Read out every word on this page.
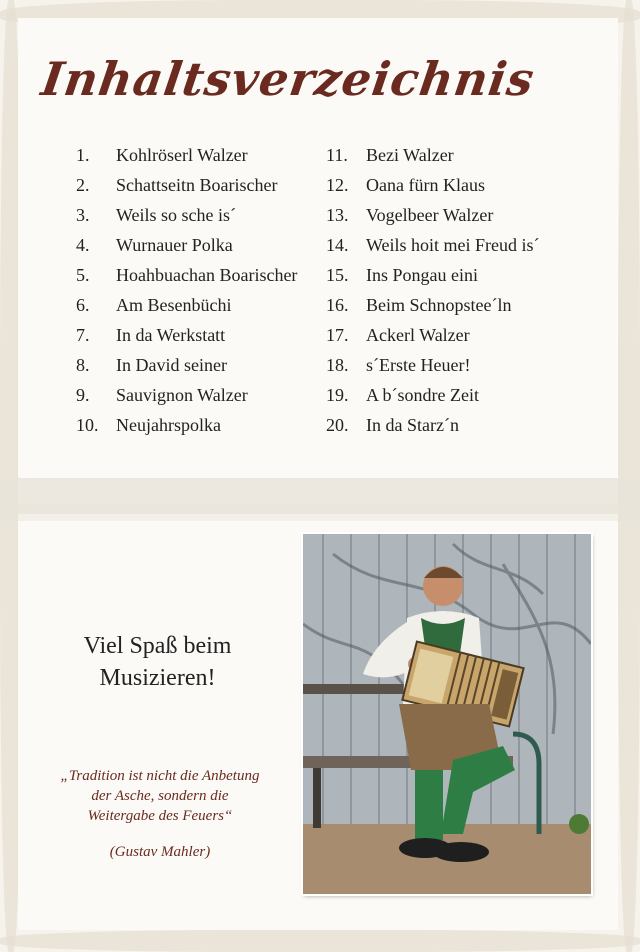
Inhaltsverzeichnis
1.	Kohlröserl Walzer
2.	Schattseitn Boarischer
3.	Weils so sche is´
4.	Wurnauer Polka
5.	Hoahbuachan Boarischer
6.	Am Besenbüchi
7.	In da Werkstatt
8.	In David seiner
9.	Sauvignon Walzer
10. Neujahrspolka
11.	Bezi Walzer
12. Oana fürn Klaus
13. Vogelbeer Walzer
14. Weils hoit mei Freud is´
15. Ins Pongau eini
16. Beim Schnopstee´ln
17. Ackerl Walzer
18. s´Erste Heuer!
19. A b´sondre Zeit
20. In da Starz´n
Viel Spaß beim
Musizieren!
„Tradition ist nicht die Anbetung
der Asche, sondern die
Weitergabe des Feuers“
(Gustav Mahler)
